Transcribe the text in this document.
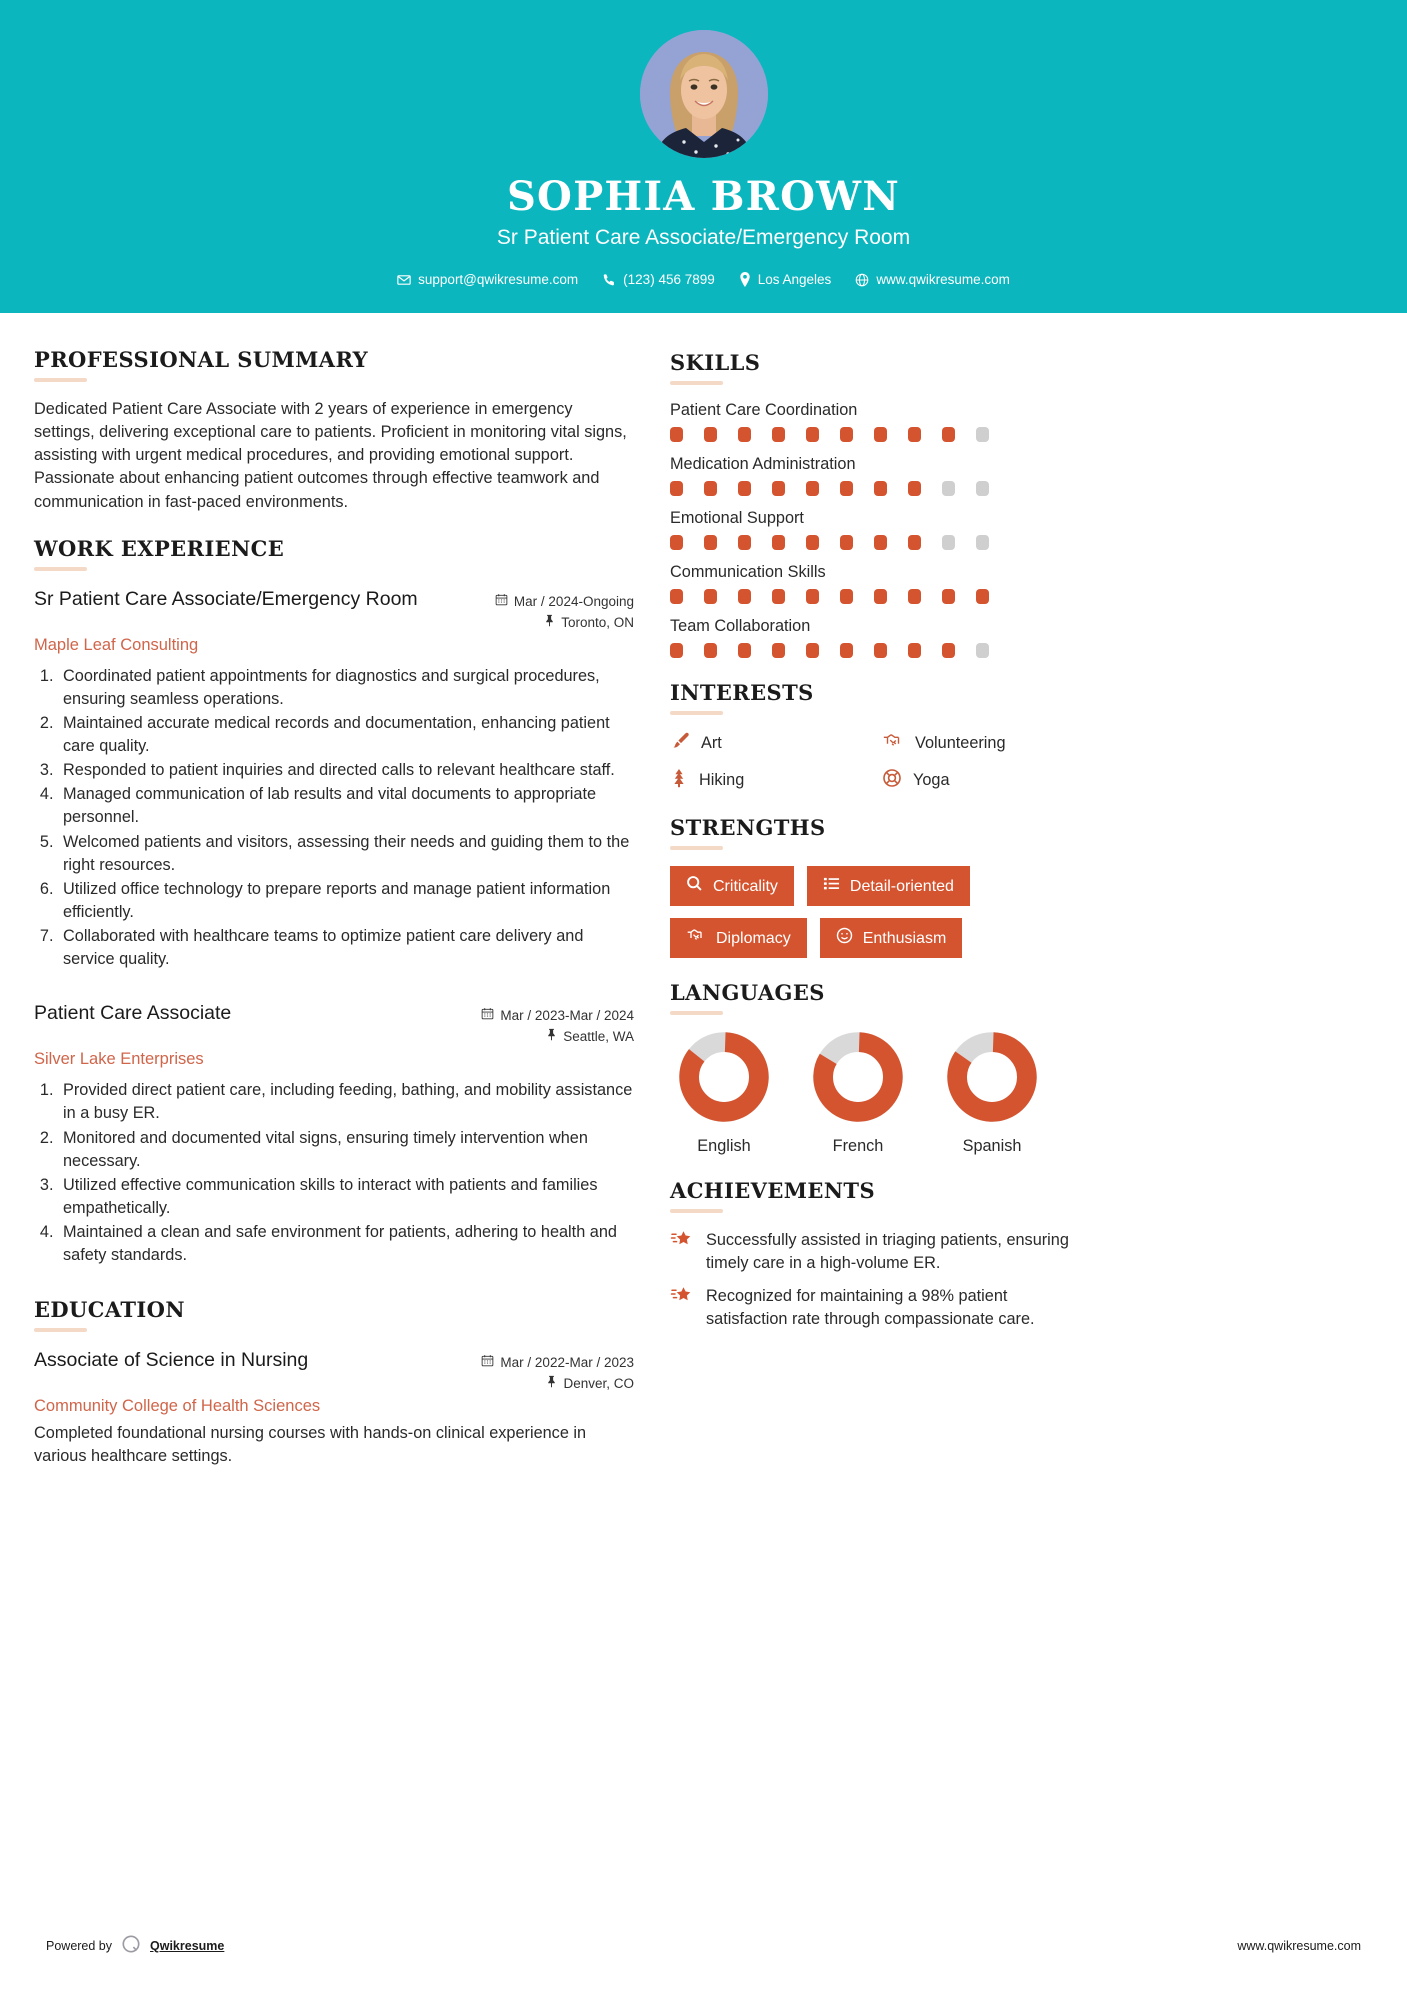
SOPHIA BROWN
Sr Patient Care Associate/Emergency Room
support@qwikresume.com	(123) 456 7899	Los Angeles	www.qwikresume.com
PROFESSIONAL SUMMARY
Dedicated Patient Care Associate with 2 years of experience in emergency settings, delivering exceptional care to patients. Proficient in monitoring vital signs, assisting with urgent medical procedures, and providing emotional support. Passionate about enhancing patient outcomes through effective teamwork and communication in fast-paced environments.
WORK EXPERIENCE
Sr Patient Care Associate/Emergency Room	Mar / 2024-Ongoing
Toronto, ON
Maple Leaf Consulting
1. Coordinated patient appointments for diagnostics and surgical procedures, ensuring seamless operations.
2. Maintained accurate medical records and documentation, enhancing patient care quality.
3. Responded to patient inquiries and directed calls to relevant healthcare staff.
4. Managed communication of lab results and vital documents to appropriate personnel.
5. Welcomed patients and visitors, assessing their needs and guiding them to the right resources.
6. Utilized office technology to prepare reports and manage patient information efficiently.
7. Collaborated with healthcare teams to optimize patient care delivery and service quality.
Patient Care Associate	Mar / 2023-Mar / 2024
Seattle, WA
Silver Lake Enterprises
1. Provided direct patient care, including feeding, bathing, and mobility assistance in a busy ER.
2. Monitored and documented vital signs, ensuring timely intervention when necessary.
3. Utilized effective communication skills to interact with patients and families empathetically.
4. Maintained a clean and safe environment for patients, adhering to health and safety standards.
EDUCATION
Associate of Science in Nursing	Mar / 2022-Mar / 2023
Denver, CO
Community College of Health Sciences
Completed foundational nursing courses with hands-on clinical experience in various healthcare settings.
SKILLS
Patient Care Coordination
Medication Administration
Emotional Support
Communication Skills
Team Collaboration
INTERESTS
Art	Volunteering
Hiking	Yoga
STRENGTHS
Criticality	Detail-oriented
Diplomacy	Enthusiasm
LANGUAGES
English	French	Spanish
ACHIEVEMENTS
Successfully assisted in triaging patients, ensuring timely care in a high-volume ER.
Recognized for maintaining a 98% patient satisfaction rate through compassionate care.
Powered by	Qwikresume	www.qwikresume.com
